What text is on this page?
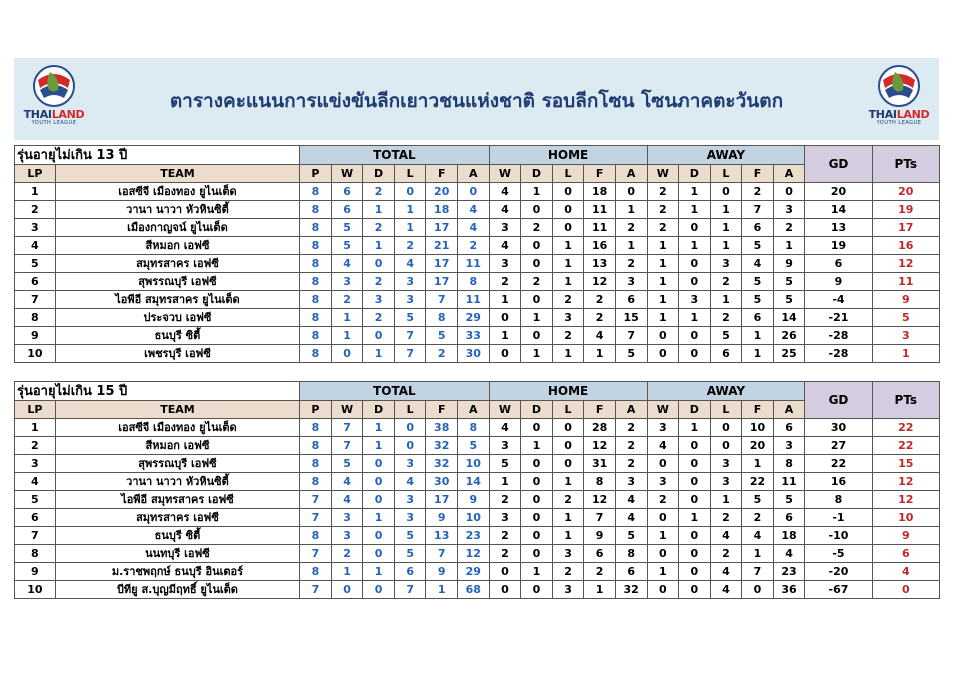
THAILAND
YOUTH LEAGUE
ตารางคะแนนการแข่งขันลีกเยาวชนแห่งชาติ รอบลีกโซน โซนภาคตะวันตก
THAILAND
YOUTH LEAGUE
รุ่นอายุไม่เกิน 13 ปี		TOTAL						HOME					AWAY					GD	PTs
LP	TEAM	P	W	D	L	F	A	W	D	L	F	A	W	D	L	F	A		
1	เอสซีจี เมืองทอง ยูไนเต็ด	8	6	2	0	20	0	4	1	0	18	0	2	1	0	2	0	20	20
2	วานา นาวา หัวหินซิตี้	8	6	1	1	18	4	4	0	0	11	1	2	1	1	7	3	14	19
3	เมืองกาญจน์ ยูไนเต็ด	8	5	2	1	17	4	3	2	0	11	2	2	0	1	6	2	13	17
4	สีหมอก เอฟซี	8	5	1	2	21	2	4	0	1	16	1	1	1	1	5	1	19	16
5	สมุทรสาคร เอฟซี	8	4	0	4	17	11	3	0	1	13	2	1	0	3	4	9	6	12
6	สุพรรณบุรี เอฟซี	8	3	2	3	17	8	2	2	1	12	3	1	0	2	5	5	9	11
7	ไอพีอี สมุทรสาคร ยูไนเต็ด	8	2	3	3	7	11	1	0	2	2	6	1	3	1	5	5	-4	9
8	ประจวบ เอฟซี	8	1	2	5	8	29	0	1	3	2	15	1	1	2	6	14	-21	5
9	ธนบุรี ซิตี้	8	1	0	7	5	33	1	0	2	4	7	0	0	5	1	26	-28	3
10	เพชรบุรี เอฟซี	8	0	1	7	2	30	0	1	1	1	5	0	0	6	1	25	-28	1
รุ่นอายุไม่เกิน 15 ปี		TOTAL						HOME					AWAY					GD	PTs
LP	TEAM	P	W	D	L	F	A	W	D	L	F	A	W	D	L	F	A		
1	เอสซีจี เมืองทอง ยูไนเต็ด	8	7	1	0	38	8	4	0	0	28	2	3	1	0	10	6	30	22
2	สีหมอก เอฟซี	8	7	1	0	32	5	3	1	0	12	2	4	0	0	20	3	27	22
3	สุพรรณบุรี เอฟซี	8	5	0	3	32	10	5	0	0	31	2	0	0	3	1	8	22	15
4	วานา นาวา หัวหินซิตี้	8	4	0	4	30	14	1	0	1	8	3	3	0	3	22	11	16	12
5	ไอพีอี สมุทรสาคร เอฟซี	7	4	0	3	17	9	2	0	2	12	4	2	0	1	5	5	8	12
6	สมุทรสาคร เอฟซี	7	3	1	3	9	10	3	0	1	7	4	0	1	2	2	6	-1	10
7	ธนบุรี ซิตี้	8	3	0	5	13	23	2	0	1	9	5	1	0	4	4	18	-10	9
8	นนทบุรี เอฟซี	7	2	0	5	7	12	2	0	3	6	8	0	0	2	1	4	-5	6
9	ม.ราชพฤกษ์ ธนบุรี อินเตอร์	8	1	1	6	9	29	0	1	2	2	6	1	0	4	7	23	-20	4
10	บีทียู ส.บุญมีฤทธิ์ ยูไนเต็ด	7	0	0	7	1	68	0	0	3	1	32	0	0	4	0	36	-67	0
